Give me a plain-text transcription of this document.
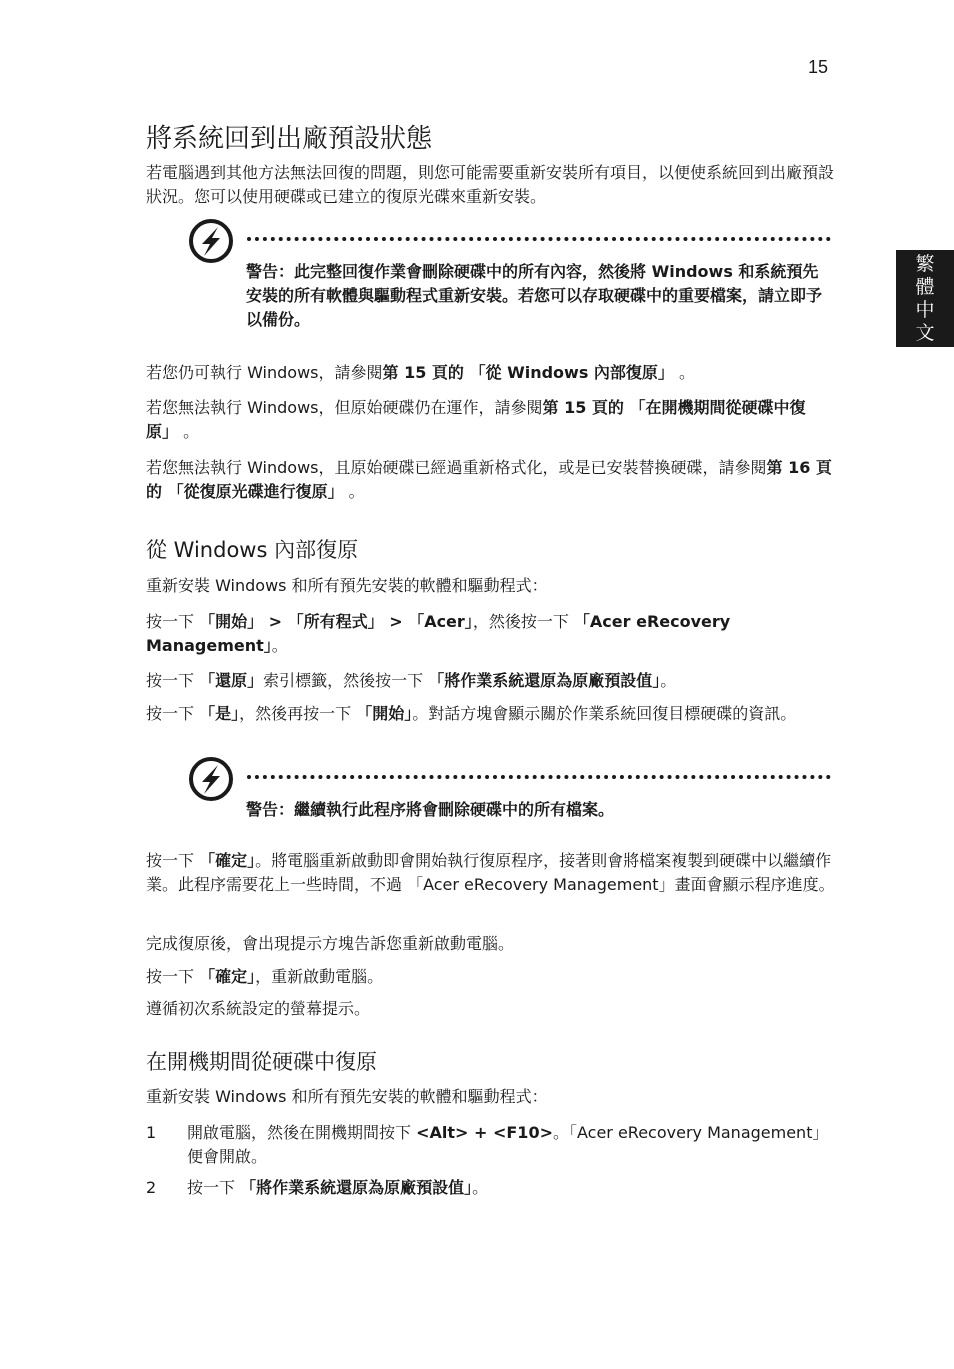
15
繁
體
中
文
將系統回到出廠預設狀態

若電腦遇到其他方法無法回復的問題，則您可能需要重新安裝所有項目，以便使系統回到出廠預設狀況。您可以使用硬碟或已建立的復原光碟來重新安裝。

警告：此完整回復作業會刪除硬碟中的所有內容，然後將 Windows 和系統預先安裝的所有軟體與驅動程式重新安裝。若您可以存取硬碟中的重要檔案，請立即予以備份。

若您仍可執行 Windows，請參閱第 15 頁的 「從 Windows 內部復原」 。

若您無法執行 Windows，但原始硬碟仍在運作，請參閱第 15 頁的 「在開機期間從硬碟中復原」 。

若您無法執行 Windows，且原始硬碟已經過重新格式化，或是已安裝替換硬碟，請參閱第 16 頁的 「從復原光碟進行復原」 。

從 Windows 內部復原

重新安裝 Windows 和所有預先安裝的軟體和驅動程式：

按一下 「開始」 > 「所有程式」 > 「Acer」，然後按一下 「Acer eRecovery Management」。

按一下 「還原」索引標籤，然後按一下 「將作業系統還原為原廠預設值」。

按一下 「是」，然後再按一下 「開始」。對話方塊會顯示關於作業系統回復目標硬碟的資訊。

警告：繼續執行此程序將會刪除硬碟中的所有檔案。

按一下 「確定」。將電腦重新啟動即會開始執行復原程序，接著則會將檔案複製到硬碟中以繼續作業。此程序需要花上一些時間，不過 「Acer eRecovery Management」畫面會顯示程序進度。

完成復原後，會出現提示方塊告訴您重新啟動電腦。

按一下 「確定」，重新啟動電腦。

遵循初次系統設定的螢幕提示。

在開機期間從硬碟中復原

重新安裝 Windows 和所有預先安裝的軟體和驅動程式：

1 開啟電腦，然後在開機期間按下 <Alt> + <F10>。「Acer eRecovery Management」便會開啟。
2 按一下 「將作業系統還原為原廠預設值」。
